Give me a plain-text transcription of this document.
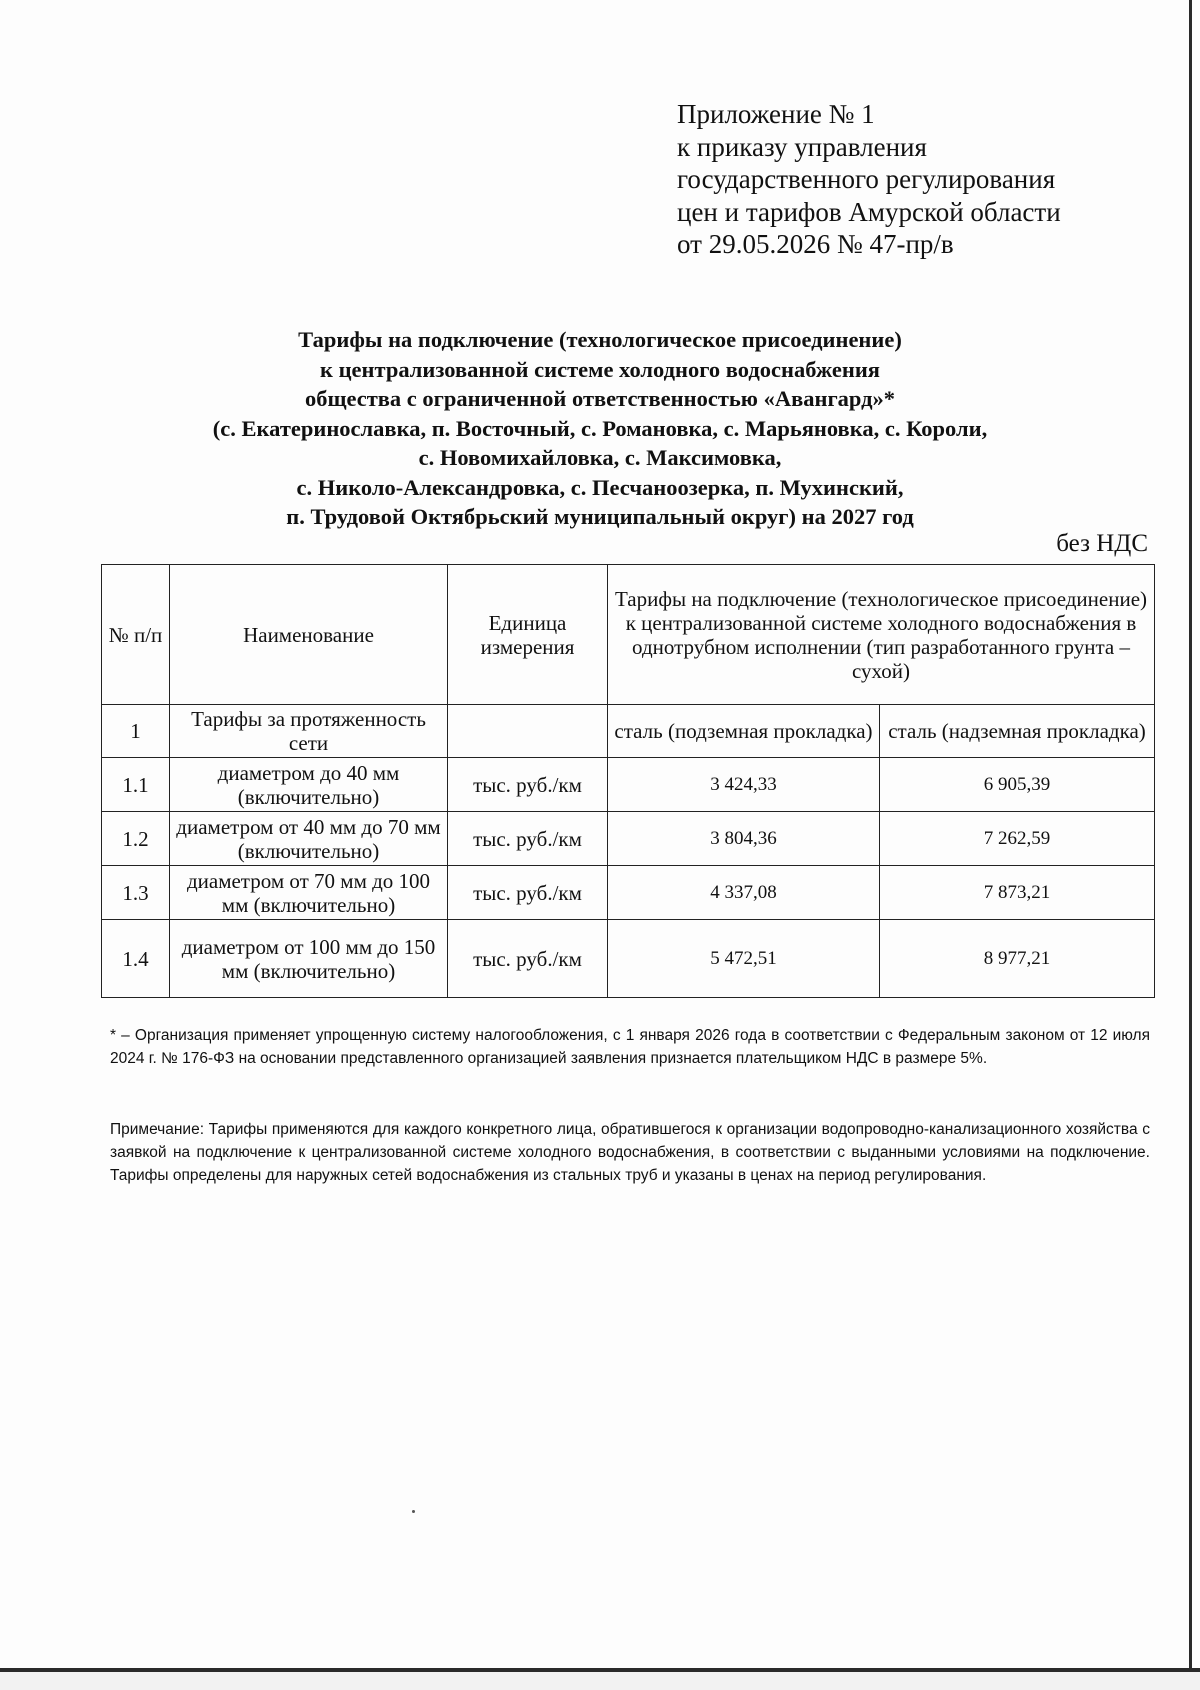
Приложение № 1
к приказу управления
государственного регулирования
цен и тарифов Амурской области
от 29.05.2026 № 47-пр/в
Тарифы на подключение (технологическое присоединение)
к централизованной системе холодного водоснабжения
общества с ограниченной ответственностью «Авангард»*
(с. Екатеринославка, п. Восточный, с. Романовка, с. Марьяновка, с. Короли,
с. Новомихайловка, с. Максимовка,
с. Николо-Александровка, с. Песчаноозерка, п. Мухинский,
п. Трудовой Октябрьский муниципальный округ) на 2027 год
без НДС
№ п/п	Наименование	Единица измерения	Тарифы на подключение (технологическое присоединение) к централизованной системе холодного водоснабжения в однотрубном исполнении (тип разработанного грунта – сухой)	
1	Тарифы за протяженность сети		сталь (подземная прокладка)	сталь (надземная прокладка)
1.1	диаметром до 40 мм (включительно)	тыс. руб./км	3 424,33	6 905,39
1.2	диаметром от 40 мм до 70 мм (включительно)	тыс. руб./км	3 804,36	7 262,59
1.3	диаметром от 70 мм до 100 мм (включительно)	тыс. руб./км	4 337,08	7 873,21
1.4	диаметром от 100 мм до 150 мм (включительно)	тыс. руб./км	5 472,51	8 977,21
* – Организация применяет упрощенную систему налогообложения, с 1 января 2026 года в соответствии с Федеральным законом от 12 июля 2024 г. № 176-ФЗ на основании представленного организацией заявления признается плательщиком НДС в размере 5%.
Примечание: Тарифы применяются для каждого конкретного лица, обратившегося к организации водопроводно-канализационного хозяйства с заявкой на подключение к централизованной системе холодного водоснабжения, в соответствии с выданными условиями на подключение. Тарифы определены для наружных сетей водоснабжения из стальных труб и указаны в ценах на период регулирования.
